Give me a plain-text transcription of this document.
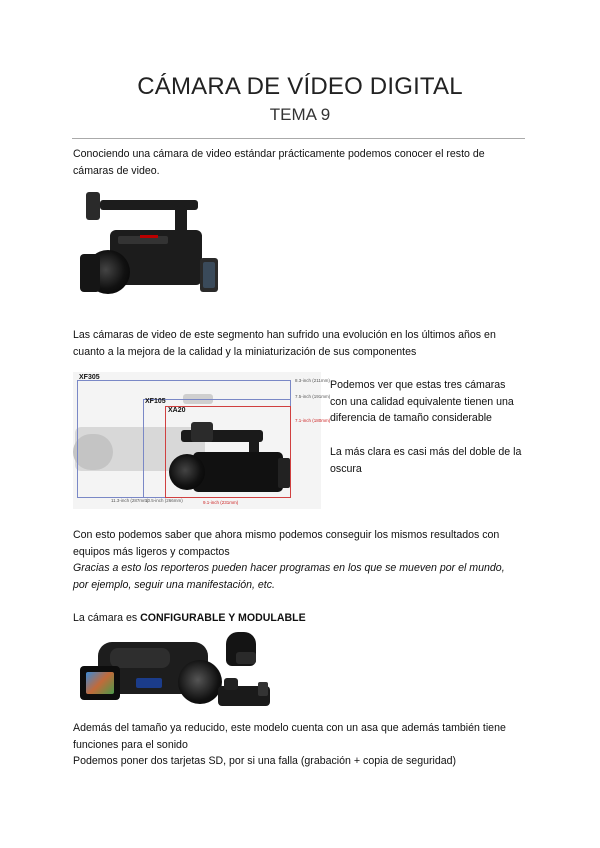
CÁMARA DE VÍDEO DIGITAL
TEMA 9
Conociendo una cámara de video estándar prácticamente podemos conocer el resto de
cámaras de video.
Las cámaras de video de este segmento han sufrido una evolución en los últimos años en
cuanto a la mejora de la calidad y la miniaturización de sus componentes
XF305
XF105
XA20
8.3-inch (211mm)
7.5-inch (191mm)
7.1-inch (180mm)
9.1-inch (231mm)
11.3-inch (287mm)
10.5-inch (266mm)
Podemos ver que estas tres cámaras
con una calidad equivalente tienen una
diferencia de tamaño considerable
La más clara es casi más del doble de la
oscura
Con esto podemos saber que ahora mismo podemos conseguir los mismos resultados con
equipos más ligeros y compactos
Gracias a esto los reporteros pueden hacer programas en los que se mueven por el mundo,
por ejemplo, seguir una manifestación, etc.
La cámara es CONFIGURABLE Y MODULABLE
Además del tamaño ya reducido, este modelo cuenta con un asa que además también tiene
funciones para el sonido
Podemos poner dos tarjetas SD, por si una falla (grabación + copia de seguridad)
